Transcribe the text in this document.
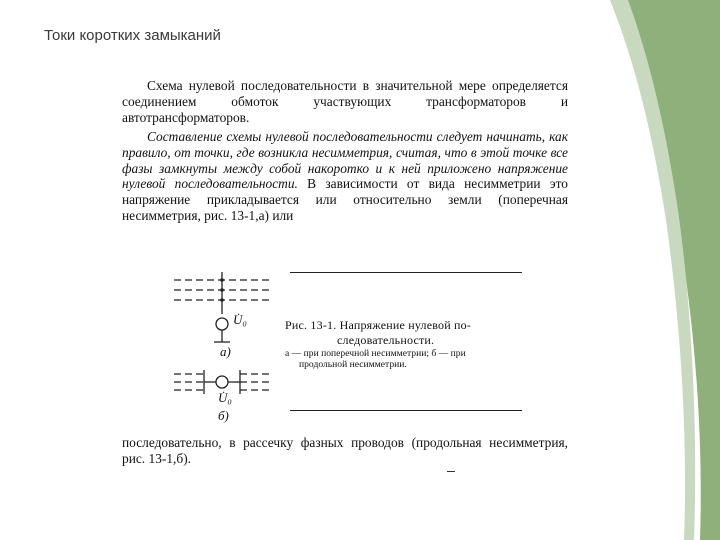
Токи коротких замыканий

Схема нулевой последовательности в значительной мере определяется соединением обмоток участвующих трансформаторов и автотрансформаторов.

Составление схемы нулевой последовательности следует начинать, как правило, от точки, где возникла несимметрия, считая, что в этой точке все фазы замкнуты между собой накоротко и к ней приложено напряжение нулевой последовательности. В зависимости от вида несимметрии это напряжение прикладывается или относительно земли (поперечная несимметрия, рис. 13-1,а) или

U̇₀
а)
U̇₀
б)
Рис. 13-1. Напряжение нулевой по-
следовательности.
а — при поперечной несимметрии; б — при
продольной несимметрии.

последовательно, в рассечку фазных проводов (продольная несимметрия, рис. 13-1,б).
